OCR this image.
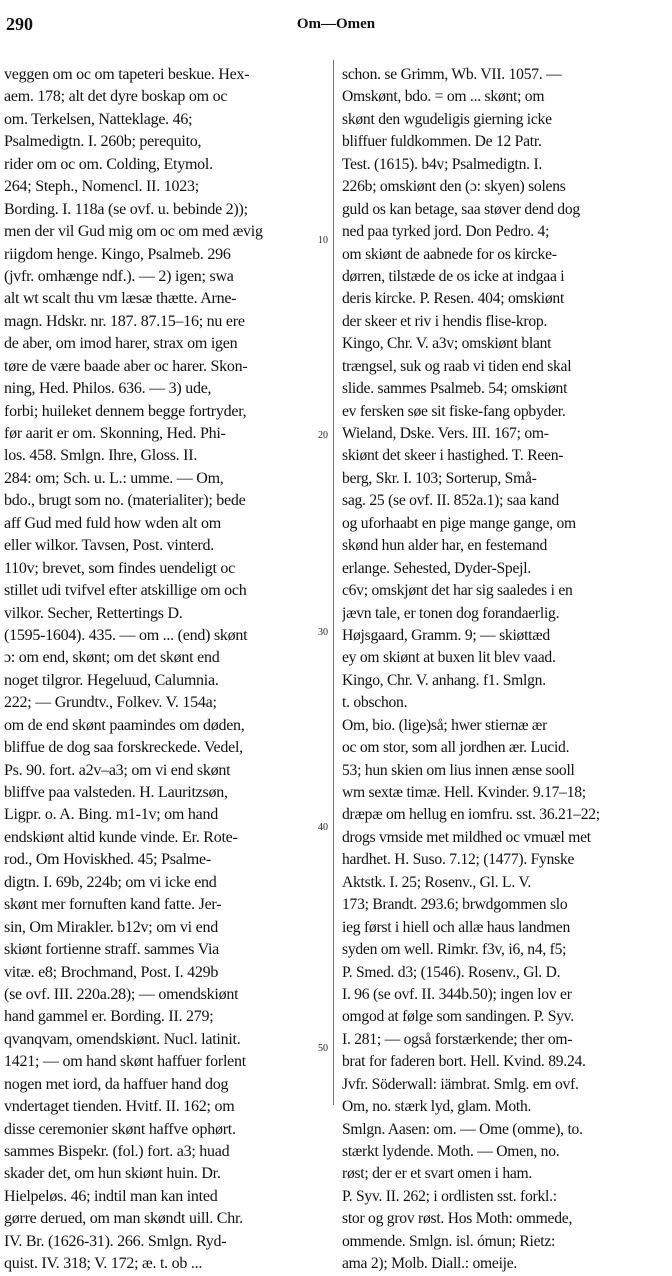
290	Om—Omen
10
20
30
40
50
veggen om oc om tapeteri beskue. Hex-
aem. 178; alt det dyre boskap om oc
om. Terkelsen, Natteklage. 46;
Psalmedigtn. I. 260b; perequito,
rider om oc om. Colding, Etymol.
264; Steph., Nomencl. II. 1023;
Bording. I. 118a (se ovf. u. bebinde 2));
men der vil Gud mig om oc om med ævig
riigdom henge. Kingo, Psalmeb. 296
(jvfr. omhænge ndf.). — 2) igen; swa
alt wt scalt thu vm læsæ thætte. Arne-
magn. Hdskr. nr. 187. 87.15–16; nu ere
de aber, om imod harer, strax om igen
tøre de være baade aber oc harer. Skon-
ning, Hed. Philos. 636. — 3) ude,
forbi; huileket dennem begge fortryder,
før aarit er om. Skonning, Hed. Phi-
los. 458. Smlgn. Ihre, Gloss. II.
284: om; Sch. u. L.: umme. — Om,
bdo., brugt som no. (materialiter); bede
aff Gud med fuld how wden alt om
eller wilkor. Tavsen, Post. vinterd.
110v; brevet, som findes uendeligt oc
stillet udi tvifvel efter atskillige om och
vilkor. Secher, Rettertings D.
(1595-1604). 435. — om ... (end) skønt
ɔ: om end, skønt; om det skønt end
noget tilgror. Hegeluud, Calumnia.
222; — Grundtv., Folkev. V. 154a;
om de end skønt paamindes om døden,
bliffue de dog saa forskreckede. Vedel,
Ps. 90. fort. a2v–a3; om vi end skønt
bliffve paa valsteden. H. Lauritzsøn,
Ligpr. o. A. Bing. m1-1v; om hand
endskiønt altid kunde vinde. Er. Rote-
rod., Om Hoviskhed. 45; Psalme-
digtn. I. 69b, 224b; om vi icke end
skønt mer fornuften kand fatte. Jer-
sin, Om Mirakler. b12v; om vi end
skiønt fortienne straff. sammes Via
vitæ. e8; Brochmand, Post. I. 429b
(se ovf. III. 220a.28); — omendskiønt
hand gammel er. Bording. II. 279;
qvanqvam, omendskiønt. Nucl. latinit.
1421; — om hand skønt haffuer forlent
nogen met iord, da haffuer hand dog
vndertaget tienden. Hvitf. II. 162; om
disse ceremonier skønt haffve ophørt.
sammes Bispekr. (fol.) fort. a3; huad
skader det, om hun skiønt huin. Dr.
Hielpeløs. 46; indtil man kan inted
gørre derued, om man skøndt uill. Chr.
IV. Br. (1626-31). 266. Smlgn. Ryd-
quist. IV. 318; V. 172; æ. t. ob ...
schon. se Grimm, Wb. VII. 1057. —
Omskønt, bdo. = om ... skønt; om
skønt den wgudeligis gierning icke
bliffuer fuldkommen. De 12 Patr.
Test. (1615). b4v; Psalmedigtn. I.
226b; omskiønt den (ɔ: skyen) solens
guld os kan betage, saa støver dend dog
ned paa tyrked jord. Don Pedro. 4;
om skiønt de aabnede for os kircke-
dørren, tilstæde de os icke at indgaa i
deris kircke. P. Resen. 404; omskiønt
der skeer et riv i hendis flise-krop.
Kingo, Chr. V. a3v; omskiønt blant
trængsel, suk og raab vi tiden end skal
slide. sammes Psalmeb. 54; omskiønt
ev fersken søe sit fiske-fang opbyder.
Wieland, Dske. Vers. III. 167; om-
skiønt det skeer i hastighed. T. Reen-
berg, Skr. I. 103; Sorterup, Små-
sag. 25 (se ovf. II. 852a.1); saa kand
og uforhaabt en pige mange gange, om
skønd hun alder har, en festemand
erlange. Sehested, Dyder-Spejl.
c6v; omskjønt det har sig saaledes i en
jævn tale, er tonen dog forandaerlig.
Højsgaard, Gramm. 9; — skiøttæd
ey om skiønt at buxen lit blev vaad.
Kingo, Chr. V. anhang. f1. Smlgn.
t. obschon.
Om, bio. (lige)så; hwer stiernæ ær
oc om stor, som all jordhen ær. Lucid.
53; hun skien om lius innen ænse sooll
wm sextæ timæ. Hell. Kvinder. 9.17–18;
dræpæ om hellug en iomfru. sst. 36.21–22;
drogs vmside met mildhed oc vmuæl met
hardhet. H. Suso. 7.12; (1477). Fynske
Aktstk. I. 25; Rosenv., Gl. L. V.
173; Brandt. 293.6; brwdgommen slo
ieg først i hiell och allæ haus landmen
syden om well. Rimkr. f3v, i6, n4, f5;
P. Smed. d3; (1546). Rosenv., Gl. D.
I. 96 (se ovf. II. 344b.50); ingen lov er
omgod at følge som sandingen. P. Syv.
I. 281; — også forstærkende; ther om-
brat for faderen bort. Hell. Kvind. 89.24.
Jvfr. Söderwall: iämbrat. Smlg. em ovf.
Om, no. stærk lyd, glam. Moth.
Smlgn. Aasen: om. — Ome (omme), to.
stærkt lydende. Moth. — Omen, no.
røst; der er et svart omen i ham.
P. Syv. II. 262; i ordlisten sst. forkl.:
stor og grov røst. Hos Moth: ommede,
ommende. Smlgn. isl. ómun; Rietz:
ama 2); Molb. Diall.: omeije.
